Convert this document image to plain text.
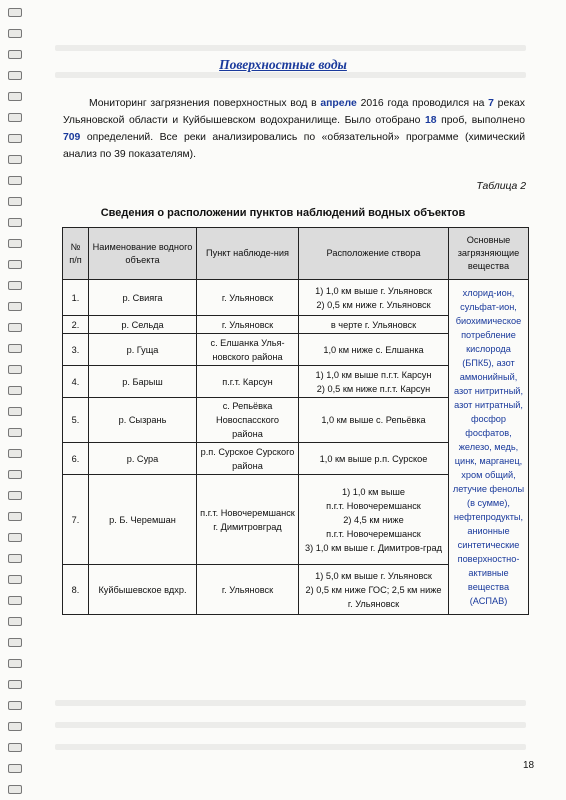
Поверхностные воды
Мониторинг загрязнения поверхностных вод в апреле 2016 года проводился на 7 реках Ульяновской области и Куйбышевском водохранилище. Было отобрано 18 проб, выполнено 709 определений. Все реки анализировались по «обязательной» программе (химический анализ по 39 показателям).
Таблица 2
Сведения о расположении пунктов наблюдений водных объектов
№ п/п	Наименование водного объекта	Пункт наблюде-ния	Расположение створа	Основные загрязняющие вещества
1.	р. Свияга	г. Ульяновск	1) 1,0 км выше г. Ульяновск
2) 0,5 км ниже г. Ульяновск	хлорид-ион, сульфат-ион, биохимическое потребление кислорода (БПК5), азот аммонийный, азот нитритный, азот нитратный, фосфор фосфатов, железо, медь, цинк, марганец, хром общий, летучие фенолы (в сумме), нефтепродукты, анионные синтетические поверхностно-активные вещества (АСПАВ)
2.	р. Сельда	г. Ульяновск	в черте г. Ульяновск	

3.	р. Гуща	с. Елшанка Улья-новского района	1,0 км ниже с. Елшанка	

4.	р. Барыш	п.г.т. Карсун	1) 1,0 км выше п.г.т. Карсун
2) 0,5 км ниже п.г.т. Карсун	

5.	р. Сызрань	с. Репьёвка Новоспасского района	1,0 км выше с. Репьёвка	

6.	р. Сура	р.п. Сурское Сурского района	1,0 км выше р.п. Сурское	

7.	р. Б. Черемшан	п.г.т. Новочеремшанск г. Димитровград	1) 1,0 км выше
п.г.т. Новочеремшанск
2) 4,5 км ниже
п.г.т. Новочеремшанск
3) 1,0 км выше г. Димитров-град	

8.	Куйбышевское вдхр.	г. Ульяновск	1) 5,0 км выше г. Ульяновск
2) 0,5 км ниже ГОС; 2,5 км ниже г. Ульяновск	
18
